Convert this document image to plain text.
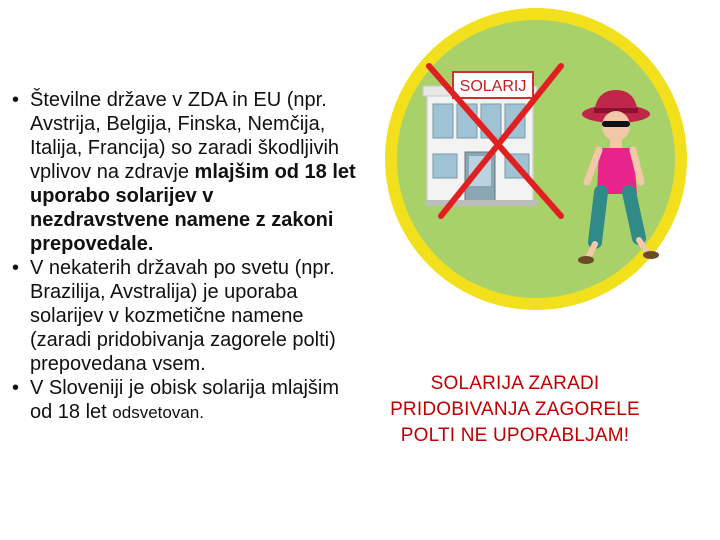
• Številne države v ZDA in EU (npr. Avstrija, Belgija, Finska, Nemčija, Italija, Francija) so zaradi škodljivih vplivov na zdravje mlajšim od 18 let uporabo solarijev v nezdravstvene namene z zakoni prepovedale.

• V nekaterih državah po svetu (npr. Brazilija, Avstralija) je uporaba solarijev v kozmetične namene (zaradi pridobivanja zagorele polti) prepovedana vsem.

• V Sloveniji je obisk solarija mlajšim od 18 let odsvetovan.

SOLARIJ
SOLARIJA ZARADI
PRIDOBIVANJA ZAGORELE
POLTI NE UPORABLJAM!
